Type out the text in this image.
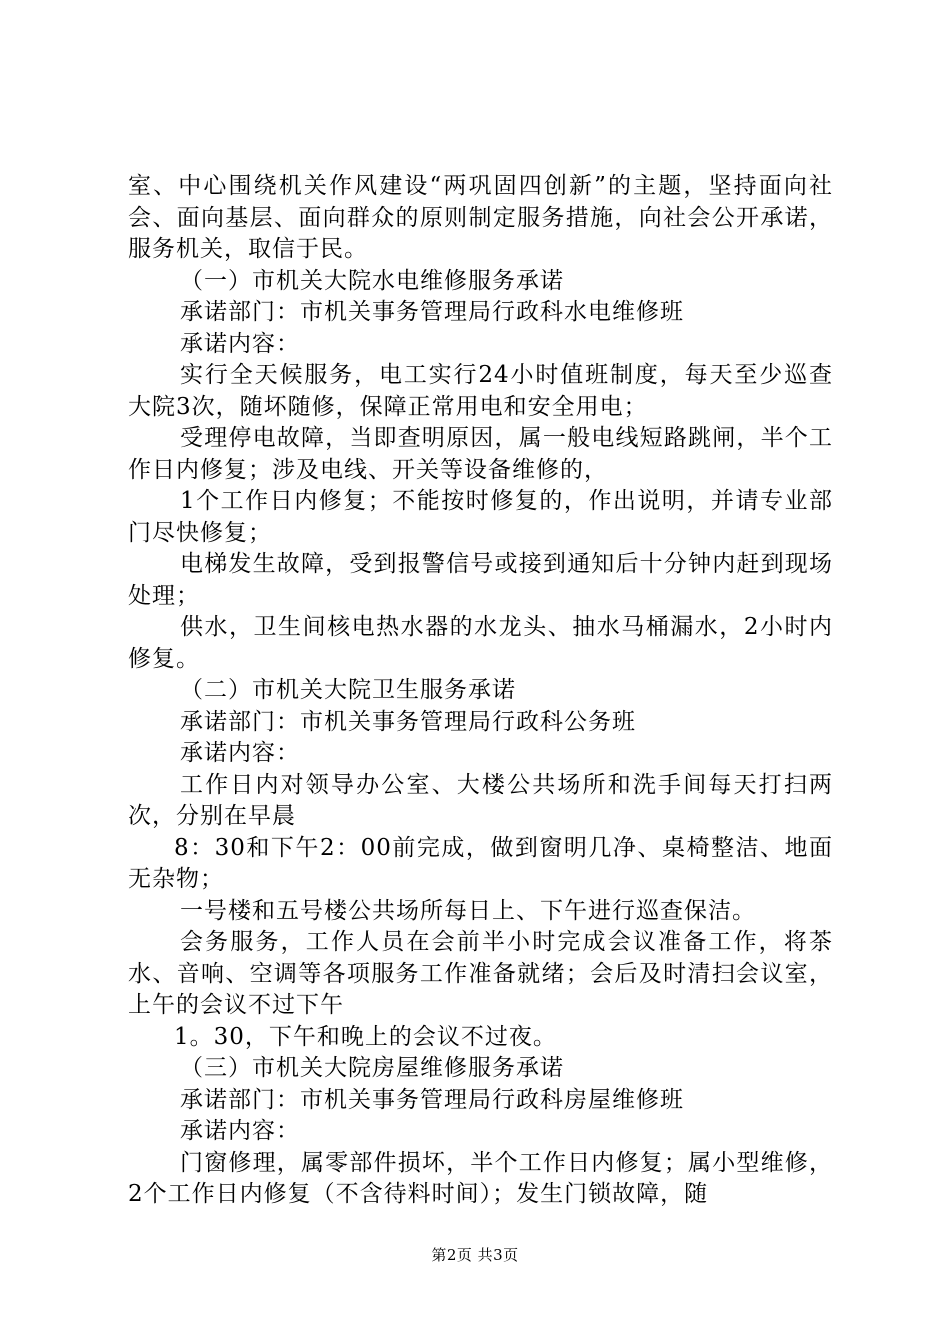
室、中心围绕机关作风建设“两巩固四创新”的主题，坚持面向社会、面向基层、面向群众的原则制定服务措施，向社会公开承诺，服务机关，取信于民。

（一）市机关大院水电维修服务承诺

承诺部门：市机关事务管理局行政科水电维修班

承诺内容：

实行全天候服务，电工实行24小时值班制度，每天至少巡查大院3次，随坏随修，保障正常用电和安全用电；

受理停电故障，当即查明原因，属一般电线短路跳闸，半个工作日内修复；涉及电线、开关等设备维修的，

1个工作日内修复；不能按时修复的，作出说明，并请专业部门尽快修复；

电梯发生故障，受到报警信号或接到通知后十分钟内赶到现场处理；

供水，卫生间核电热水器的水龙头、抽水马桶漏水，2小时内修复。

（二）市机关大院卫生服务承诺

承诺部门：市机关事务管理局行政科公务班

承诺内容：

工作日内对领导办公室、大楼公共场所和洗手间每天打扫两次，分别在早晨

8：30和下午2：00前完成，做到窗明几净、桌椅整洁、地面无杂物；

一号楼和五号楼公共场所每日上、下午进行巡查保洁。

会务服务，工作人员在会前半小时完成会议准备工作，将茶水、音响、空调等各项服务工作准备就绪；会后及时清扫会议室，上午的会议不过下午

1。30，下午和晚上的会议不过夜。

（三）市机关大院房屋维修服务承诺

承诺部门：市机关事务管理局行政科房屋维修班

承诺内容：

门窗修理，属零部件损坏，半个工作日内修复；属小型维修，2个工作日内修复（不含待料时间）；发生门锁故障，随

第2页 共3页
